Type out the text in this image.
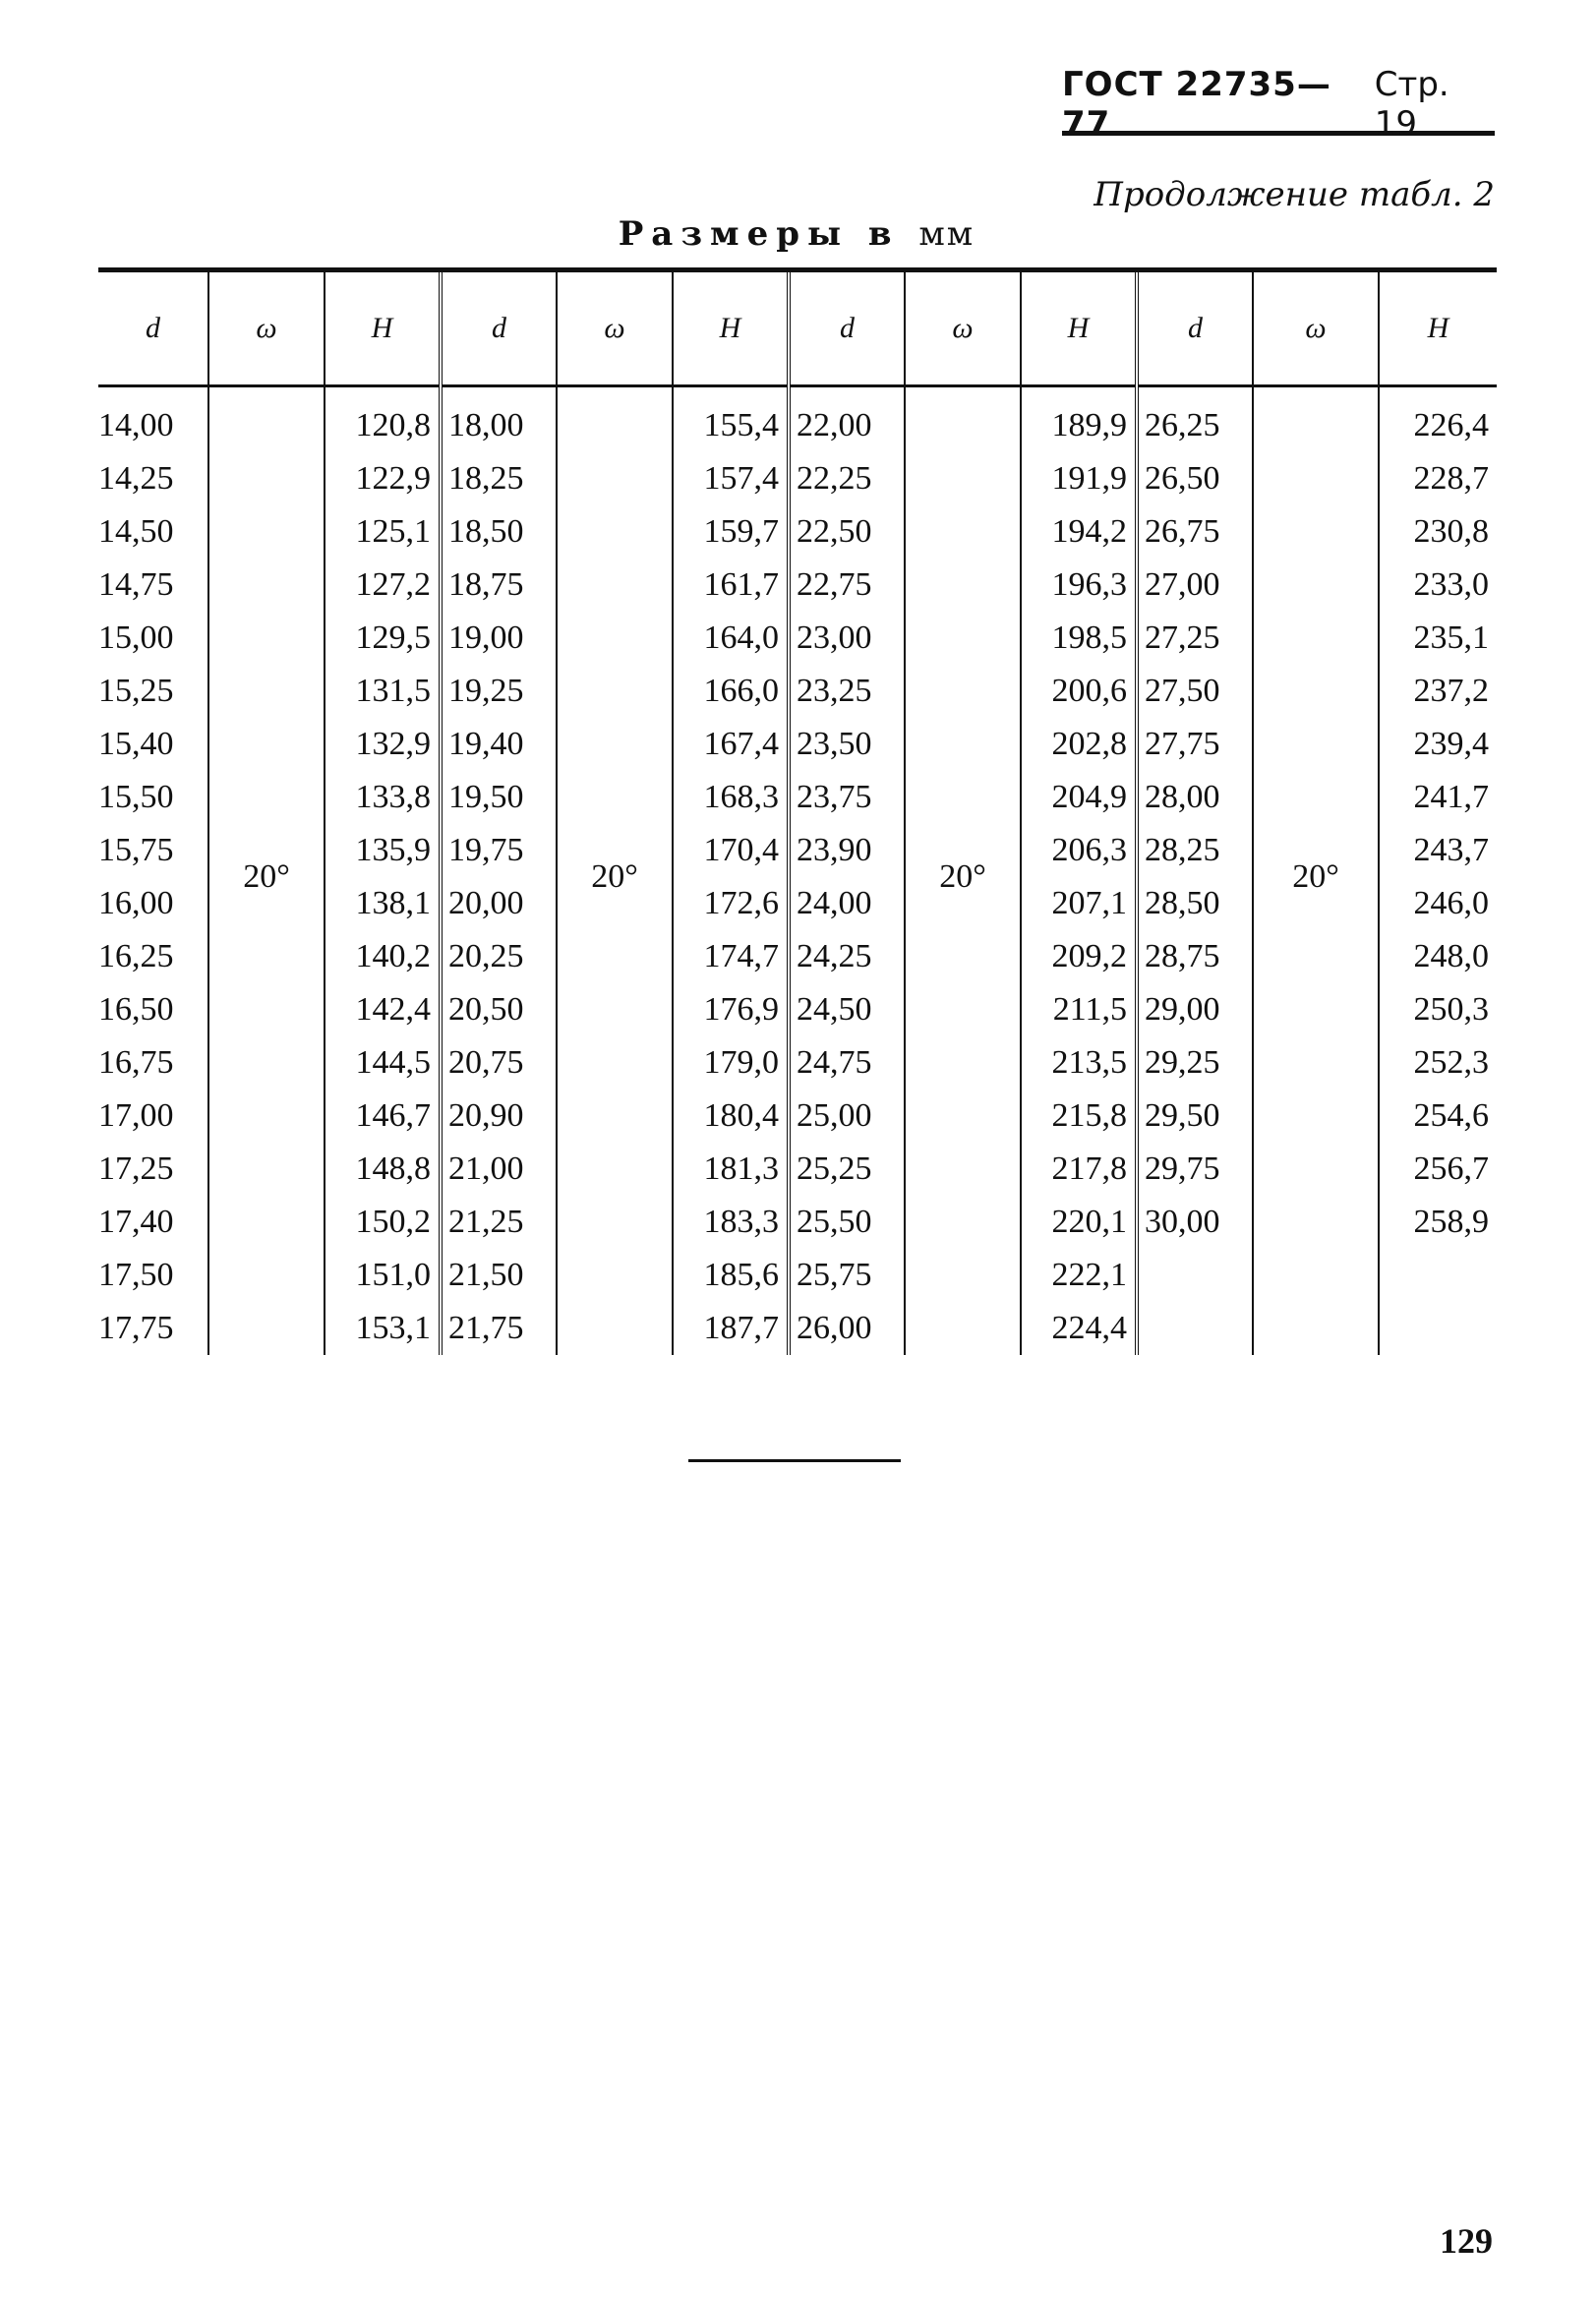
ГОСТ 22735—77
Стр. 19
Продолжение табл. 2
Размеры в мм
d	ω	H	d	ω	H	d	ω	H	d	ω	H
14,00	20°	120,8	18,00	20°	155,4	22,00	20°	189,9	26,25	20°	226,4
14,25		122,9	18,25		157,4	22,25		191,9	26,50		228,7
14,50		125,1	18,50		159,7	22,50		194,2	26,75		230,8
14,75		127,2	18,75		161,7	22,75		196,3	27,00		233,0
15,00		129,5	19,00		164,0	23,00		198,5	27,25		235,1
15,25		131,5	19,25		166,0	23,25		200,6	27,50		237,2
15,40		132,9	19,40		167,4	23,50		202,8	27,75		239,4
15,50		133,8	19,50		168,3	23,75		204,9	28,00		241,7
15,75		135,9	19,75		170,4	23,90		206,3	28,25		243,7
16,00		138,1	20,00		172,6	24,00		207,1	28,50		246,0
16,25		140,2	20,25		174,7	24,25		209,2	28,75		248,0
16,50		142,4	20,50		176,9	24,50		211,5	29,00		250,3
16,75		144,5	20,75		179,0	24,75		213,5	29,25		252,3
17,00		146,7	20,90		180,4	25,00		215,8	29,50		254,6
17,25		148,8	21,00		181,3	25,25		217,8	29,75		256,7
17,40		150,2	21,25		183,3	25,50		220,1	30,00		258,9
17,50		151,0	21,50		185,6	25,75		222,1			
17,75		153,1	21,75		187,7	26,00		224,4			
129
